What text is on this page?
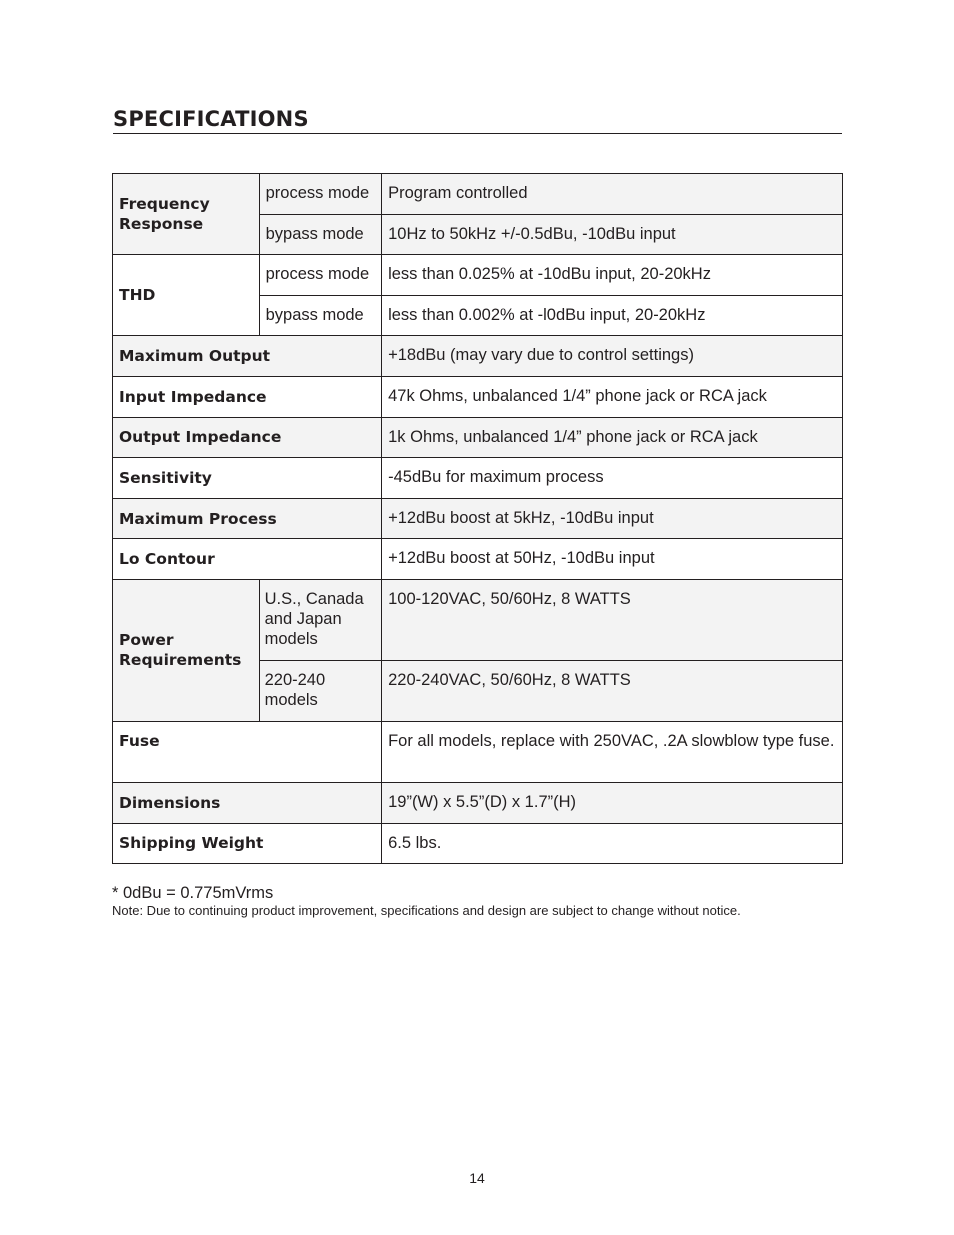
SPECIFICATIONS
Frequency Response	process mode	Program controlled
	bypass mode	10Hz to 50kHz +/-0.5dBu, -10dBu input
THD	process mode	less than 0.025% at -10dBu input, 20-20kHz
	bypass mode	less than 0.002% at -l0dBu input, 20-20kHz
Maximum Output		+18dBu (may vary due to control settings)
Input Impedance		47k Ohms, unbalanced 1/4” phone jack or RCA jack
Output Impedance		1k Ohms, unbalanced 1/4” phone jack or RCA jack
Sensitivity		-45dBu for maximum process
Maximum Process		+12dBu boost at 5kHz, -10dBu input
Lo Contour		+12dBu boost at 50Hz, -10dBu input
Power Requirements	U.S., Canada and Japan models	100-120VAC, 50/60Hz, 8 WATTS
	220-240 models	220-240VAC, 50/60Hz, 8 WATTS
Fuse		For all models, replace with 250VAC, .2A slowblow type fuse.
Dimensions		19”(W) x 5.5”(D) x 1.7”(H)
Shipping Weight		6.5 lbs.
* 0dBu = 0.775mVrms
Note: Due to continuing product improvement, specifications and design are subject to change without notice.
14
